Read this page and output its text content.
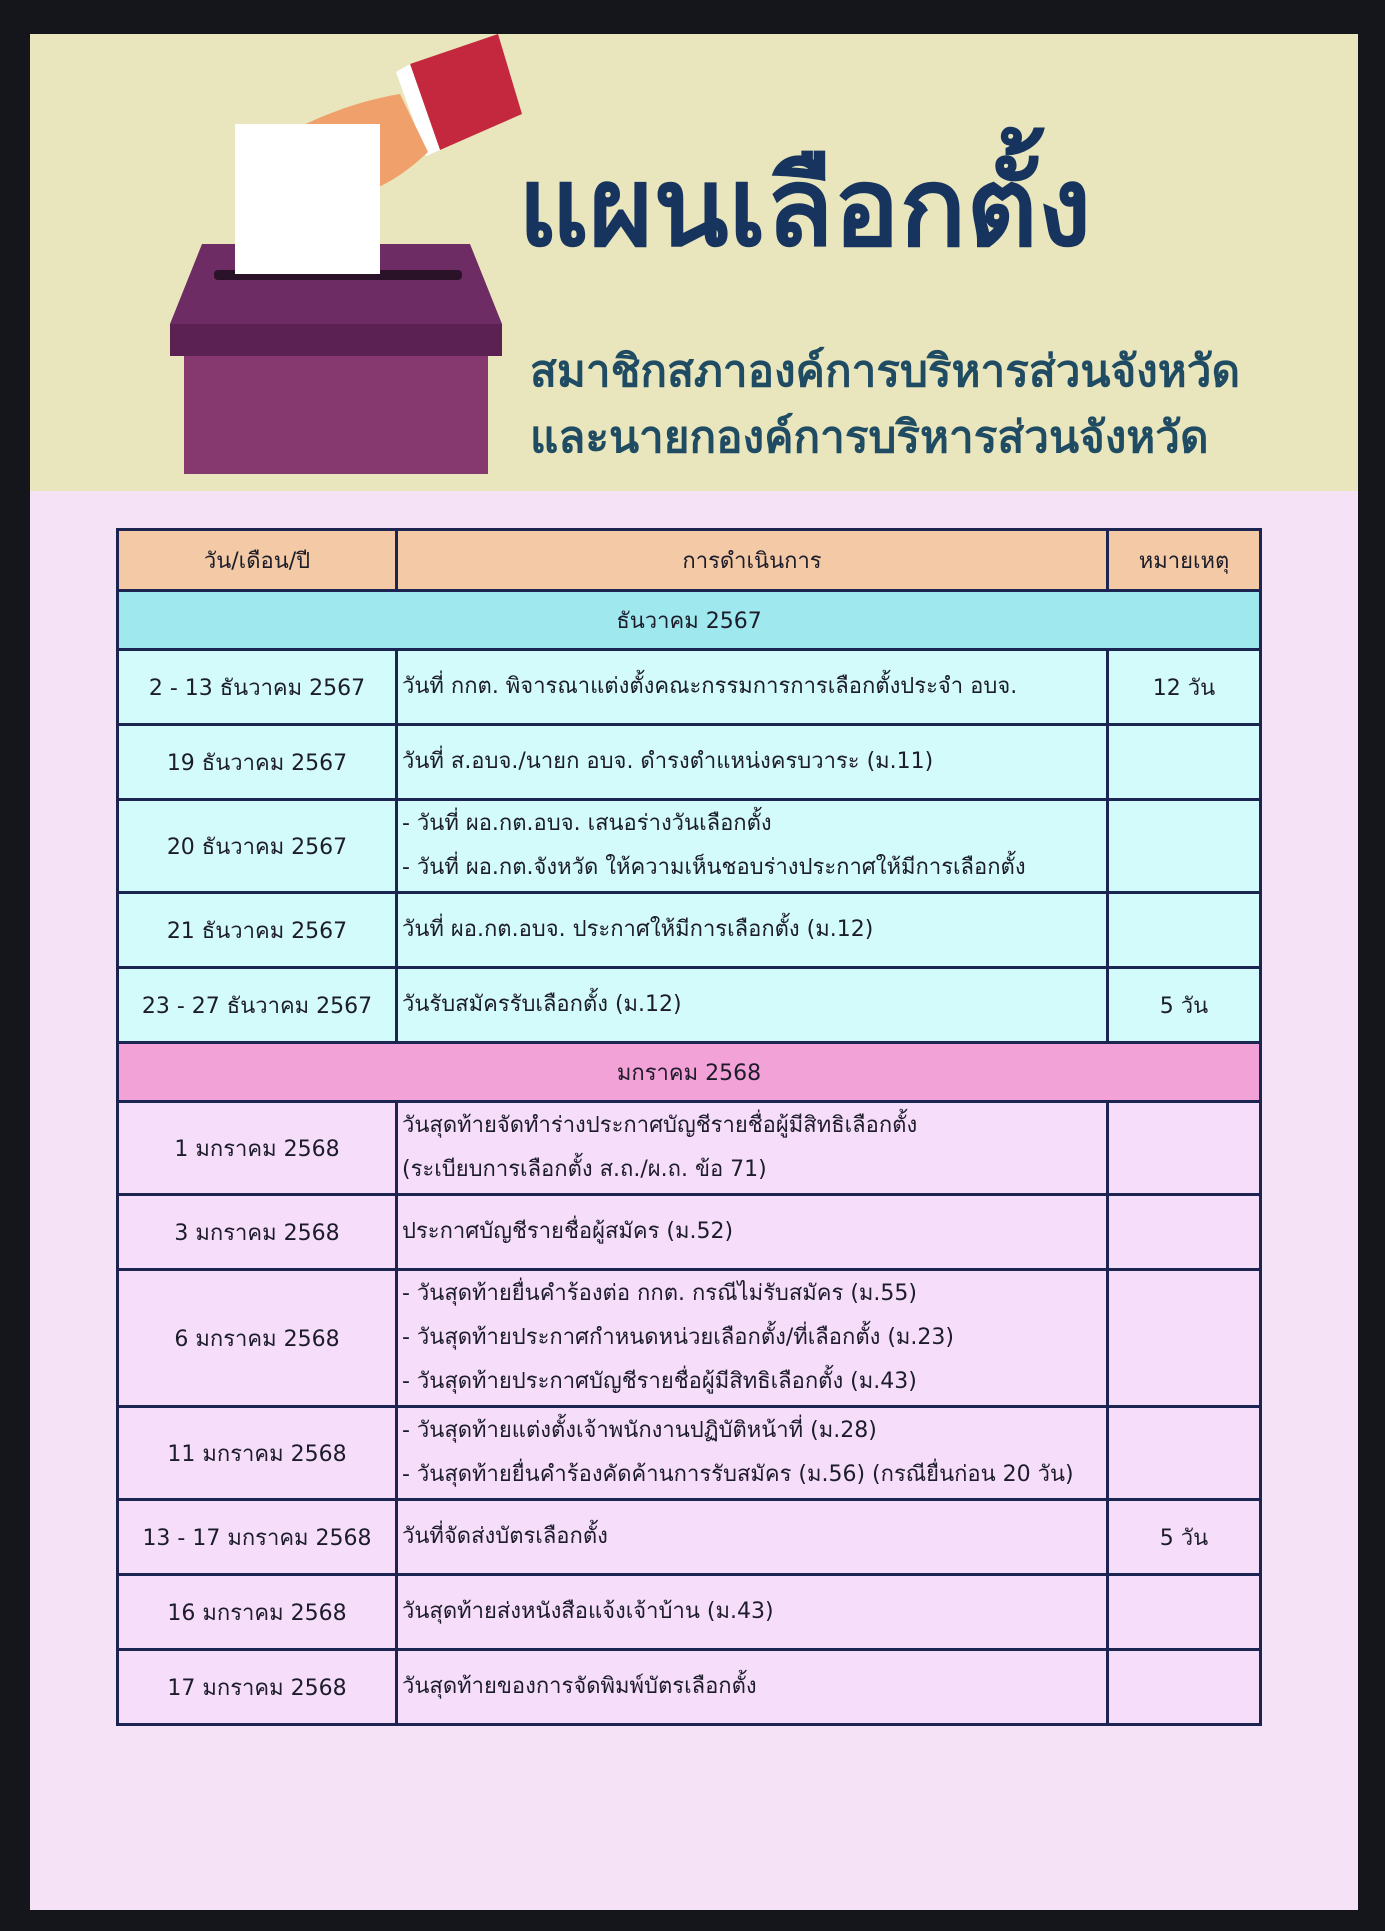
แผนเลือกตั้ง
สมาชิกสภาองค์การบริหารส่วนจังหวัด
และนายกองค์การบริหารส่วนจังหวัด
วัน/เดือน/ปี	การดำเนินการ	หมายเหตุ
ธันวาคม 2567		
2 - 13 ธันวาคม 2567	วันที่ กกต. พิจารณาแต่งตั้งคณะกรรมการการเลือกตั้งประจำ อบจ.	12 วัน
19 ธันวาคม 2567	วันที่ ส.อบจ./นายก อบจ. ดำรงตำแหน่งครบวาระ (ม.11)	

20 ธันวาคม 2567	- วันที่ ผอ.กต.อบจ. เสนอร่างวันเลือกตั้ง
- วันที่ ผอ.กต.จังหวัด ให้ความเห็นชอบร่างประกาศให้มีการเลือกตั้ง	

21 ธันวาคม 2567	วันที่ ผอ.กต.อบจ. ประกาศให้มีการเลือกตั้ง (ม.12)	

23 - 27 ธันวาคม 2567	วันรับสมัครรับเลือกตั้ง (ม.12)	5 วัน
มกราคม 2568		
1 มกราคม 2568	วันสุดท้ายจัดทำร่างประกาศบัญชีรายชื่อผู้มีสิทธิเลือกตั้ง
(ระเบียบการเลือกตั้ง ส.ถ./ผ.ถ. ข้อ 71)	

3 มกราคม 2568	ประกาศบัญชีรายชื่อผู้สมัคร (ม.52)	

6 มกราคม 2568	- วันสุดท้ายยื่นคำร้องต่อ กกต. กรณีไม่รับสมัคร (ม.55)
- วันสุดท้ายประกาศกำหนดหน่วยเลือกตั้ง/ที่เลือกตั้ง (ม.23)
- วันสุดท้ายประกาศบัญชีรายชื่อผู้มีสิทธิเลือกตั้ง (ม.43)	

11 มกราคม 2568	- วันสุดท้ายแต่งตั้งเจ้าพนักงานปฏิบัติหน้าที่ (ม.28)
- วันสุดท้ายยื่นคำร้องคัดค้านการรับสมัคร (ม.56) (กรณียื่นก่อน 20 วัน)	

13 - 17 มกราคม 2568	วันที่จัดส่งบัตรเลือกตั้ง	5 วัน
16 มกราคม 2568	วันสุดท้ายส่งหนังสือแจ้งเจ้าบ้าน (ม.43)	

17 มกราคม 2568	วันสุดท้ายของการจัดพิมพ์บัตรเลือกตั้ง	
